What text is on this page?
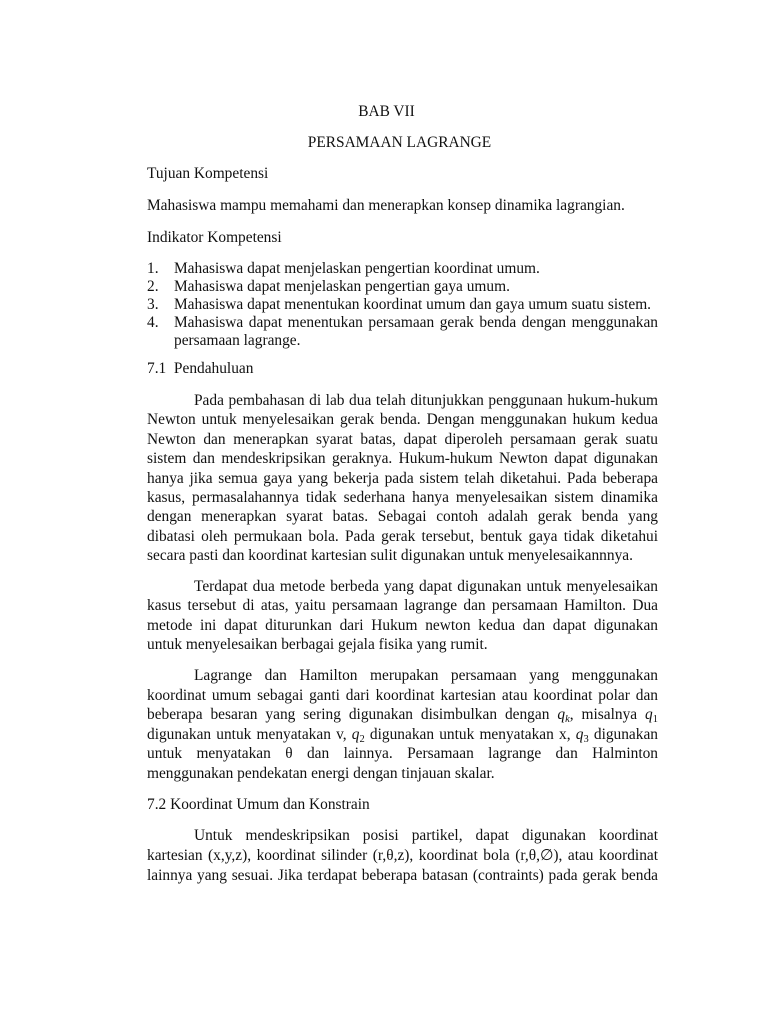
BAB VII
PERSAMAAN LAGRANGE
Tujuan Kompetensi
Mahasiswa mampu memahami dan menerapkan konsep dinamika lagrangian.
Indikator Kompetensi
1. Mahasiswa dapat menjelaskan pengertian koordinat umum.
2. Mahasiswa dapat menjelaskan pengertian gaya umum.
3. Mahasiswa dapat menentukan koordinat umum dan gaya umum suatu sistem.
4. Mahasiswa dapat menentukan persamaan gerak benda dengan menggunakan
persamaan lagrange.
7.1  Pendahuluan
Pada pembahasan di lab dua telah ditunjukkan penggunaan hukum-hukum
Newton untuk menyelesaikan gerak benda. Dengan menggunakan hukum kedua
Newton dan menerapkan syarat batas, dapat diperoleh persamaan gerak suatu
sistem dan mendeskripsikan geraknya. Hukum-hukum Newton dapat digunakan
hanya jika semua gaya yang bekerja pada sistem telah diketahui. Pada beberapa
kasus, permasalahannya tidak sederhana hanya menyelesaikan sistem dinamika
dengan menerapkan syarat batas. Sebagai contoh adalah gerak benda yang
dibatasi oleh permukaan bola. Pada gerak tersebut, bentuk gaya tidak diketahui
secara pasti dan koordinat kartesian sulit digunakan untuk menyelesaikannnya.
Terdapat dua metode berbeda yang dapat digunakan untuk menyelesaikan
kasus tersebut di atas, yaitu persamaan lagrange dan persamaan Hamilton. Dua
metode ini dapat diturunkan dari Hukum newton kedua dan dapat digunakan
untuk menyelesaikan berbagai gejala fisika yang rumit.
Lagrange dan Hamilton merupakan persamaan yang menggunakan
koordinat umum sebagai ganti dari koordinat kartesian atau koordinat polar dan
beberapa besaran yang sering digunakan disimbulkan dengan qk, misalnya q1
digunakan untuk menyatakan v, q2 digunakan untuk menyatakan x, q3 digunakan
untuk menyatakan θ dan lainnya. Persamaan lagrange dan Halminton
menggunakan pendekatan energi dengan tinjauan skalar.
7.2 Koordinat Umum dan Konstrain
Untuk mendeskripsikan posisi partikel, dapat digunakan koordinat
kartesian (x,y,z), koordinat silinder (r,θ,z), koordinat bola (r,θ,∅), atau koordinat
lainnya yang sesuai. Jika terdapat beberapa batasan (contraints) pada gerak benda
